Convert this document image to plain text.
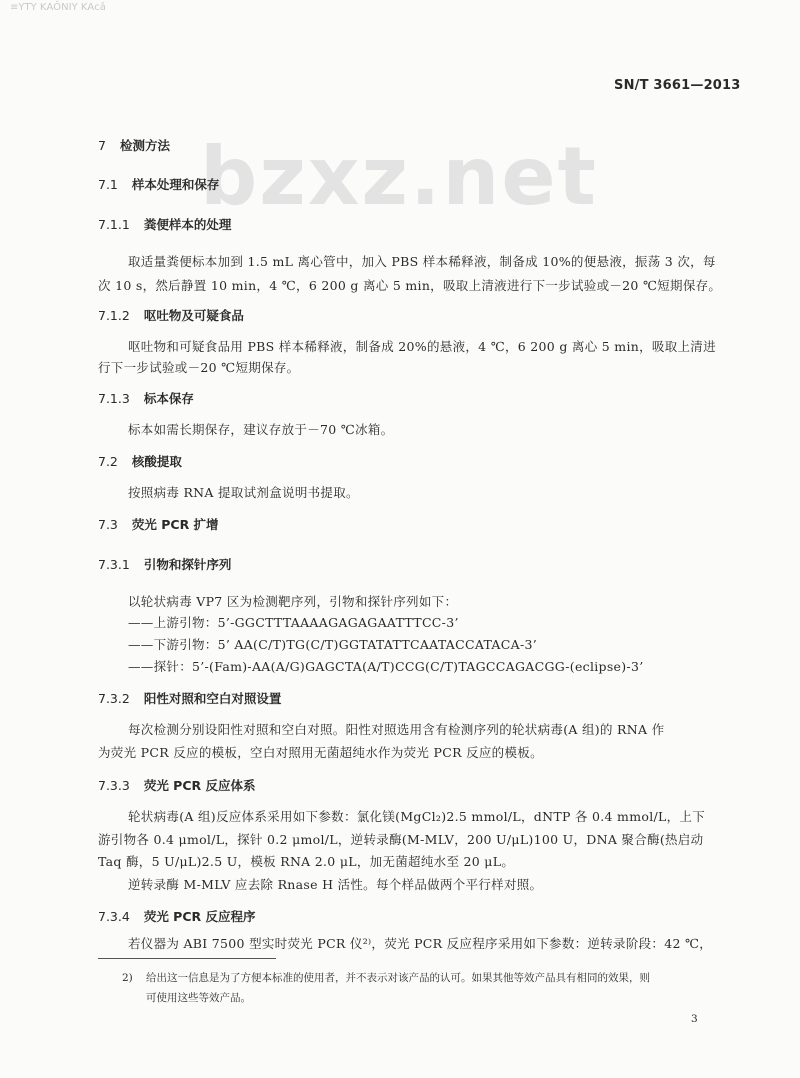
≡ΥΤΥ ΚΑǑΝΙΥ ΚΑcǎ
SN/T 3661—2013
bzxz.net
7 检测方法
7.1 样本处理和保存
7.1.1 粪便样本的处理
取适量粪便标本加到 1.5 mL 离心管中，加入 PBS 样本稀释液，制备成 10%的便悬液，振荡 3 次，每
次 10 s，然后静置 10 min，4 ℃，6 200 g 离心 5 min，吸取上清液进行下一步试验或－20 ℃短期保存。
7.1.2 呕吐物及可疑食品
呕吐物和可疑食品用 PBS 样本稀释液，制备成 20%的悬液，4 ℃，6 200 g 离心 5 min，吸取上清进
行下一步试验或－20 ℃短期保存。
7.1.3 标本保存
标本如需长期保存，建议存放于－70 ℃冰箱。
7.2 核酸提取
按照病毒 RNA 提取试剂盒说明书提取。
7.3 荧光 PCR 扩增
7.3.1 引物和探针序列
以轮状病毒 VP7 区为检测靶序列，引物和探针序列如下：
——上游引物：5’-GGCTTTAAAAGAGAGAATTTCC-3’
——下游引物：5’ AA(C/T)TG(C/T)GGTATATTCAATACCATACA-3’
——探针：5’-(Fam)-AA(A/G)GAGCTA(A/T)CCG(C/T)TAGCCAGACGG-(eclipse)-3’
7.3.2 阳性对照和空白对照设置
每次检测分别设阳性对照和空白对照。阳性对照选用含有检测序列的轮状病毒(A 组)的 RNA 作
为荧光 PCR 反应的模板，空白对照用无菌超纯水作为荧光 PCR 反应的模板。
7.3.3 荧光 PCR 反应体系
轮状病毒(A 组)反应体系采用如下参数：氯化镁(MgCl₂)2.5 mmol/L，dNTP 各 0.4 mmol/L，上下
游引物各 0.4 μmol/L，探针 0.2 μmol/L，逆转录酶(M-MLV，200 U/μL)100 U，DNA 聚合酶(热启动
Taq 酶，5 U/μL)2.5 U，模板 RNA 2.0 μL，加无菌超纯水至 20 μL。
逆转录酶 M-MLV 应去除 Rnase H 活性。每个样品做两个平行样对照。
7.3.4 荧光 PCR 反应程序
若仪器为 ABI 7500 型实时荧光 PCR 仪²⁾，荧光 PCR 反应程序采用如下参数：逆转录阶段：42 ℃，
2) 给出这一信息是为了方便本标准的使用者，并不表示对该产品的认可。如果其他等效产品具有相同的效果，则
可使用这些等效产品。
3
